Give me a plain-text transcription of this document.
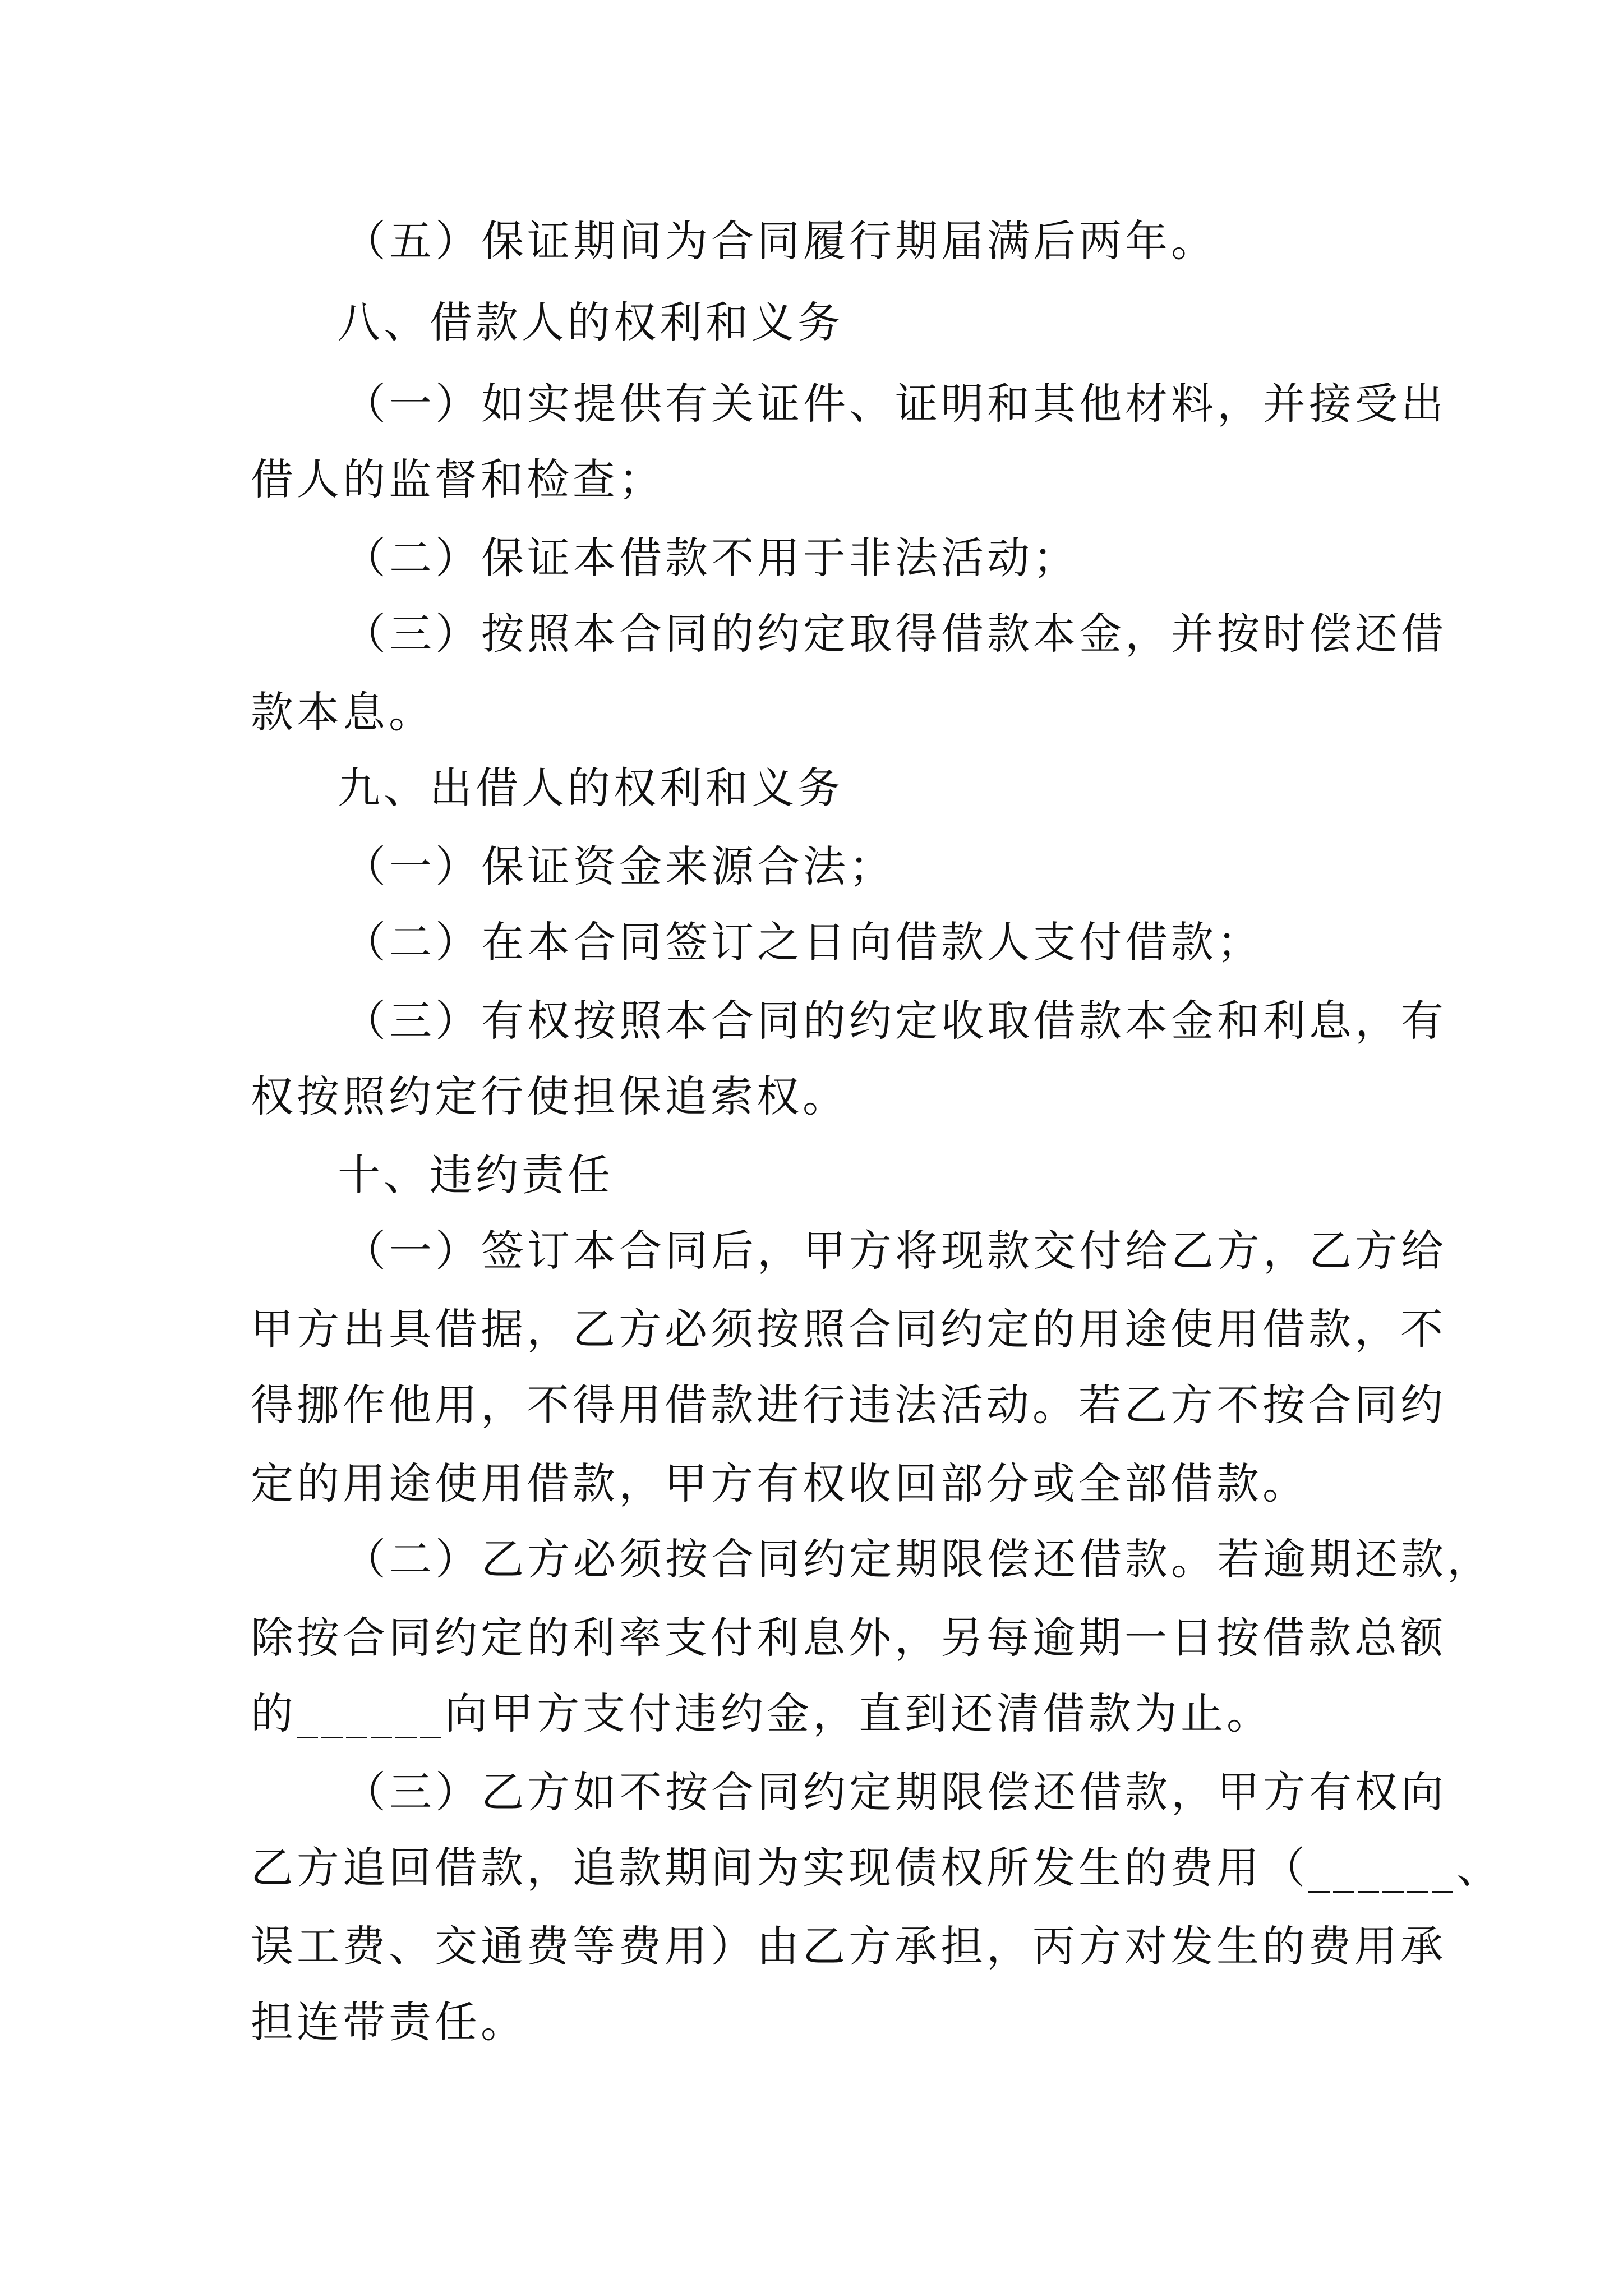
（五）保证期间为合同履行期届满后两年。
八、借款人的权利和义务
（一）如实提供有关证件、证明和其他材料，并接受出
借人的监督和检查；
（二）保证本借款不用于非法活动；
（三）按照本合同的约定取得借款本金，并按时偿还借
款本息。
九、出借人的权利和义务
（一）保证资金来源合法；
（二）在本合同签订之日向借款人支付借款；
（三）有权按照本合同的约定收取借款本金和利息，有
权按照约定行使担保追索权。
十、违约责任
（一）签订本合同后，甲方将现款交付给乙方，乙方给
甲方出具借据，乙方必须按照合同约定的用途使用借款，不
得挪作他用，不得用借款进行违法活动。若乙方不按合同约
定的用途使用借款，甲方有权收回部分或全部借款。
（二）乙方必须按合同约定期限偿还借款。若逾期还款，
除按合同约定的利率支付利息外，另每逾期一日按借款总额
的______向甲方支付违约金，直到还清借款为止。
（三）乙方如不按合同约定期限偿还借款，甲方有权向
乙方追回借款，追款期间为实现债权所发生的费用（______、
误工费、交通费等费用）由乙方承担，丙方对发生的费用承
担连带责任。
